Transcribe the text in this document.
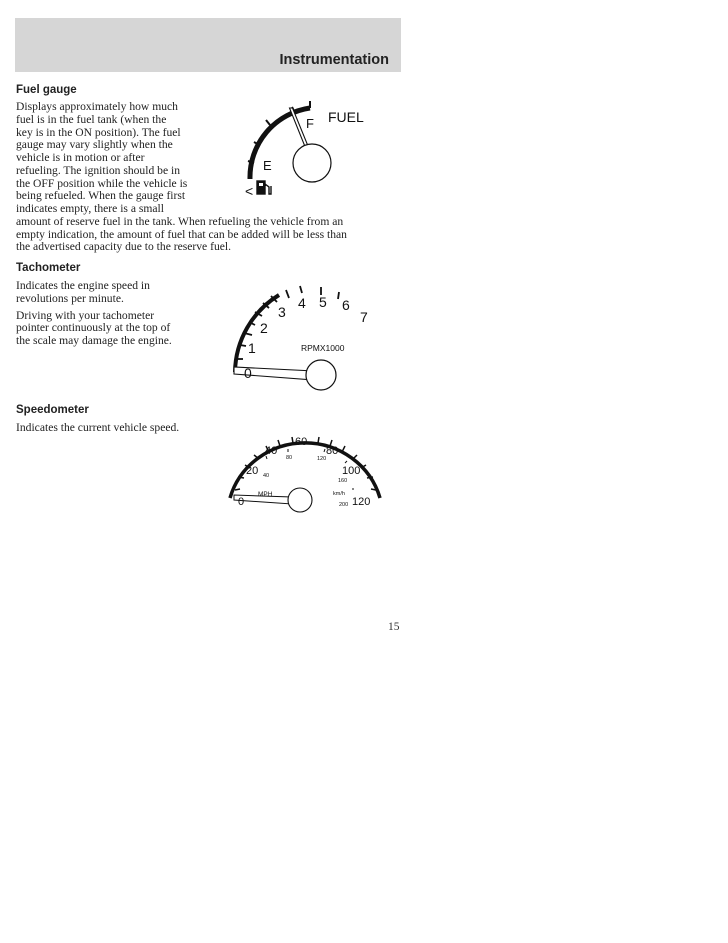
Instrumentation
Fuel gauge
Displays approximately how much
fuel is in the fuel tank (when the
key is in the ON position). The fuel
gauge may vary slightly when the
vehicle is in motion or after
refueling. The ignition should be in
the OFF position while the vehicle is
being refueled. When the gauge first
indicates empty, there is a small
amount of reserve fuel in the tank. When refueling the vehicle from an
empty indication, the amount of fuel that can be added will be less than
the advertised capacity due to the reserve fuel.
F FUEL
E
<
Tachometer
Indicates the engine speed in
revolutions per minute.
Driving with your tachometer
pointer continuously at the top of
the scale may damage the engine.
0
1
2
3
4 5 6
7
RPMX1000
Speedometer
Indicates the current vehicle speed.
0
20
40
60
80
100
120
40
80	120
160
200
MPH	km/h
15
